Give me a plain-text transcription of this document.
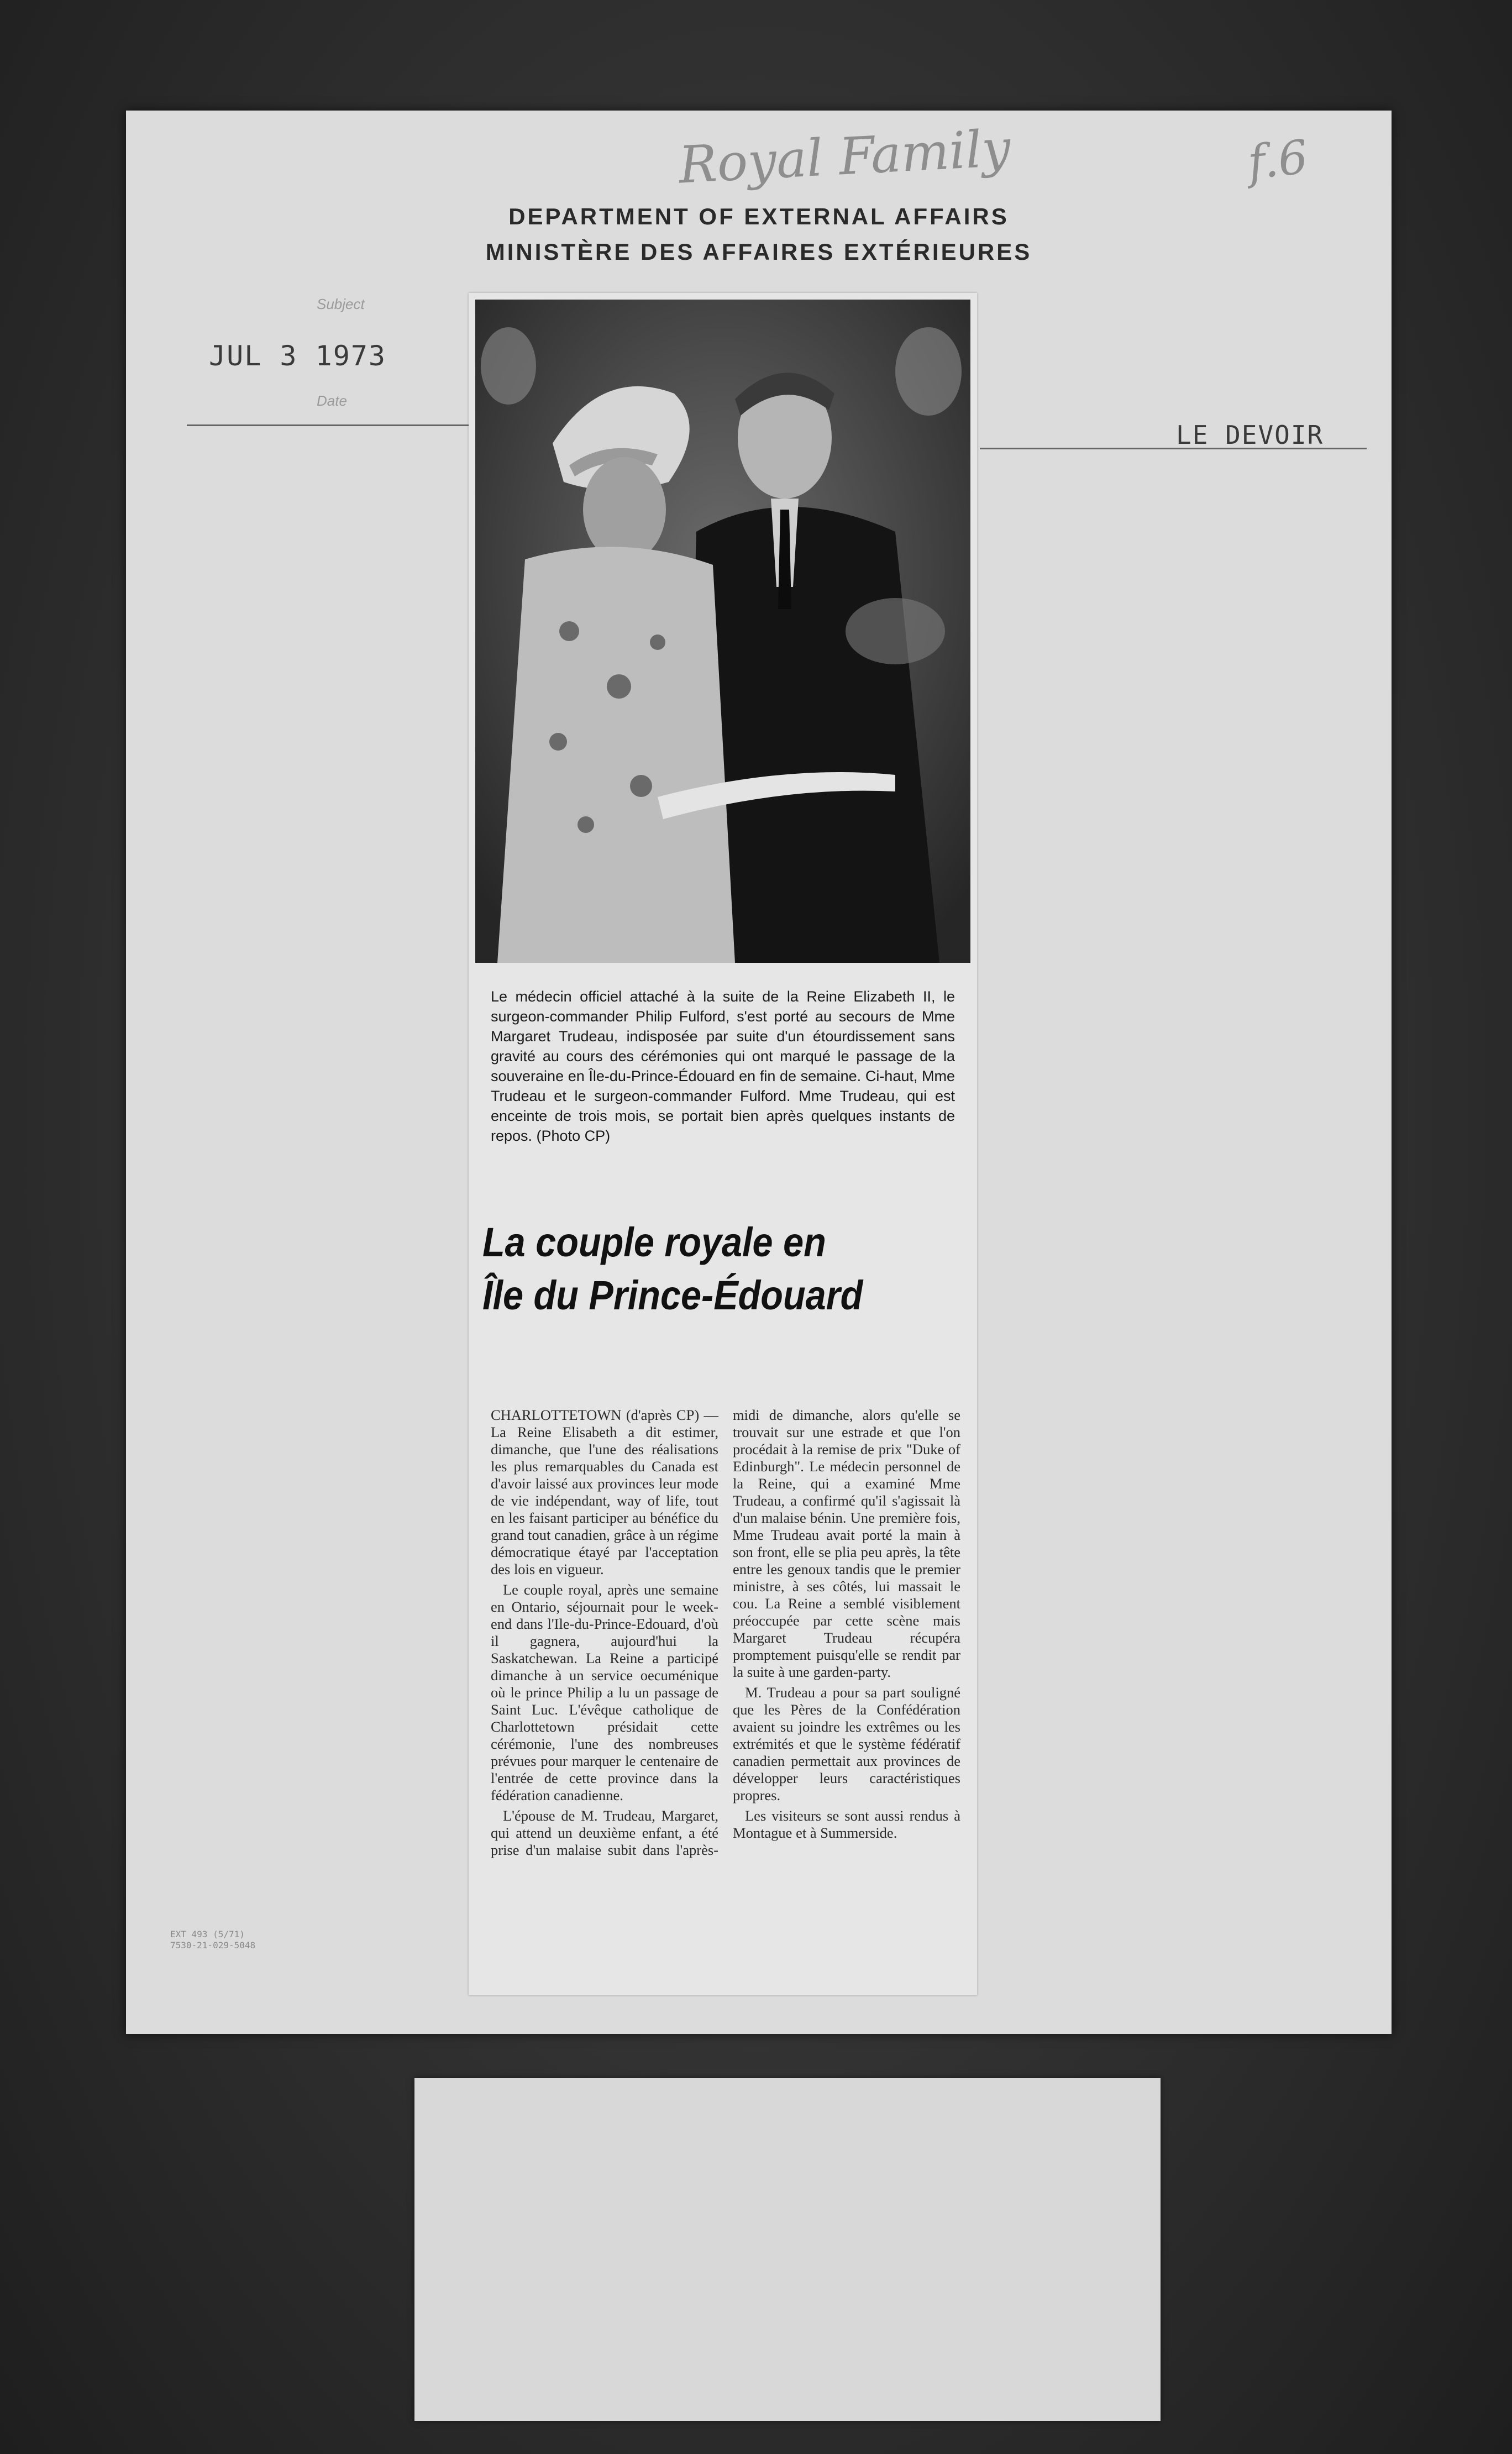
Royal Family	f.6
DEPARTMENT OF EXTERNAL AFFAIRS
MINISTÈRE DES AFFAIRES EXTÉRIEURES
Subject
JUL 3 1973
Date
LE DEVOIR
Le médecin officiel attaché à la suite de la Reine Elizabeth II, le surgeon-commander Philip Fulford, s'est porté au secours de Mme Margaret Trudeau, indisposée par suite d'un étourdissement sans gravité au cours des cérémonies qui ont marqué le passage de la souveraine en Île-du-Prince-Édouard en fin de semaine. Ci-haut, Mme Trudeau et le surgeon-commander Fulford. Mme Trudeau, qui est enceinte de trois mois, se portait bien après quelques instants de repos. (Photo CP)
La couple royale en
Île du Prince-Édouard

CHARLOTTETOWN (d'après CP) — La Reine Elisabeth a dit estimer, dimanche, que l'une des réalisations les plus remarquables du Canada est d'avoir laissé aux provinces leur mode de vie indépendant, way of life, tout en les faisant participer au bénéfice du grand tout canadien, grâce à un régime démocratique étayé par l'acceptation des lois en vigueur.

Le couple royal, après une semaine en Ontario, séjournait pour le week-end dans l'Ile-du-Prince-Edouard, d'où il gagnera, aujourd'hui la Saskatchewan. La Reine a participé dimanche à un service oecuménique où le prince Philip a lu un passage de Saint Luc. L'évêque catholique de Charlottetown présidait cette cérémonie, l'une des nombreuses prévues pour marquer le centenaire de l'entrée de cette province dans la fédération canadienne.

L'épouse de M. Trudeau, Margaret, qui attend un deuxième enfant, a été prise d'un malaise subit dans l'après-midi de dimanche, alors qu'elle se trouvait sur une estrade et que l'on procédait à la remise de prix "Duke of Edinburgh". Le médecin personnel de la Reine, qui a examiné Mme Trudeau, a confirmé qu'il s'agissait là d'un malaise bénin. Une première fois, Mme Trudeau avait porté la main à son front, elle se plia peu après, la tête entre les genoux tandis que le premier ministre, à ses côtés, lui massait le cou. La Reine a semblé visiblement préoccupée par cette scène mais Margaret Trudeau récupéra promptement puisqu'elle se rendit par la suite à une garden-party.

M. Trudeau a pour sa part souligné que les Pères de la Confédération avaient su joindre les extrêmes ou les extrémités et que le système fédératif canadien permettait aux provinces de développer leurs caractéristiques propres.

Les visiteurs se sont aussi rendus à Montague et à Summerside.

EXT 493 (5/71)
7530-21-029-5048
